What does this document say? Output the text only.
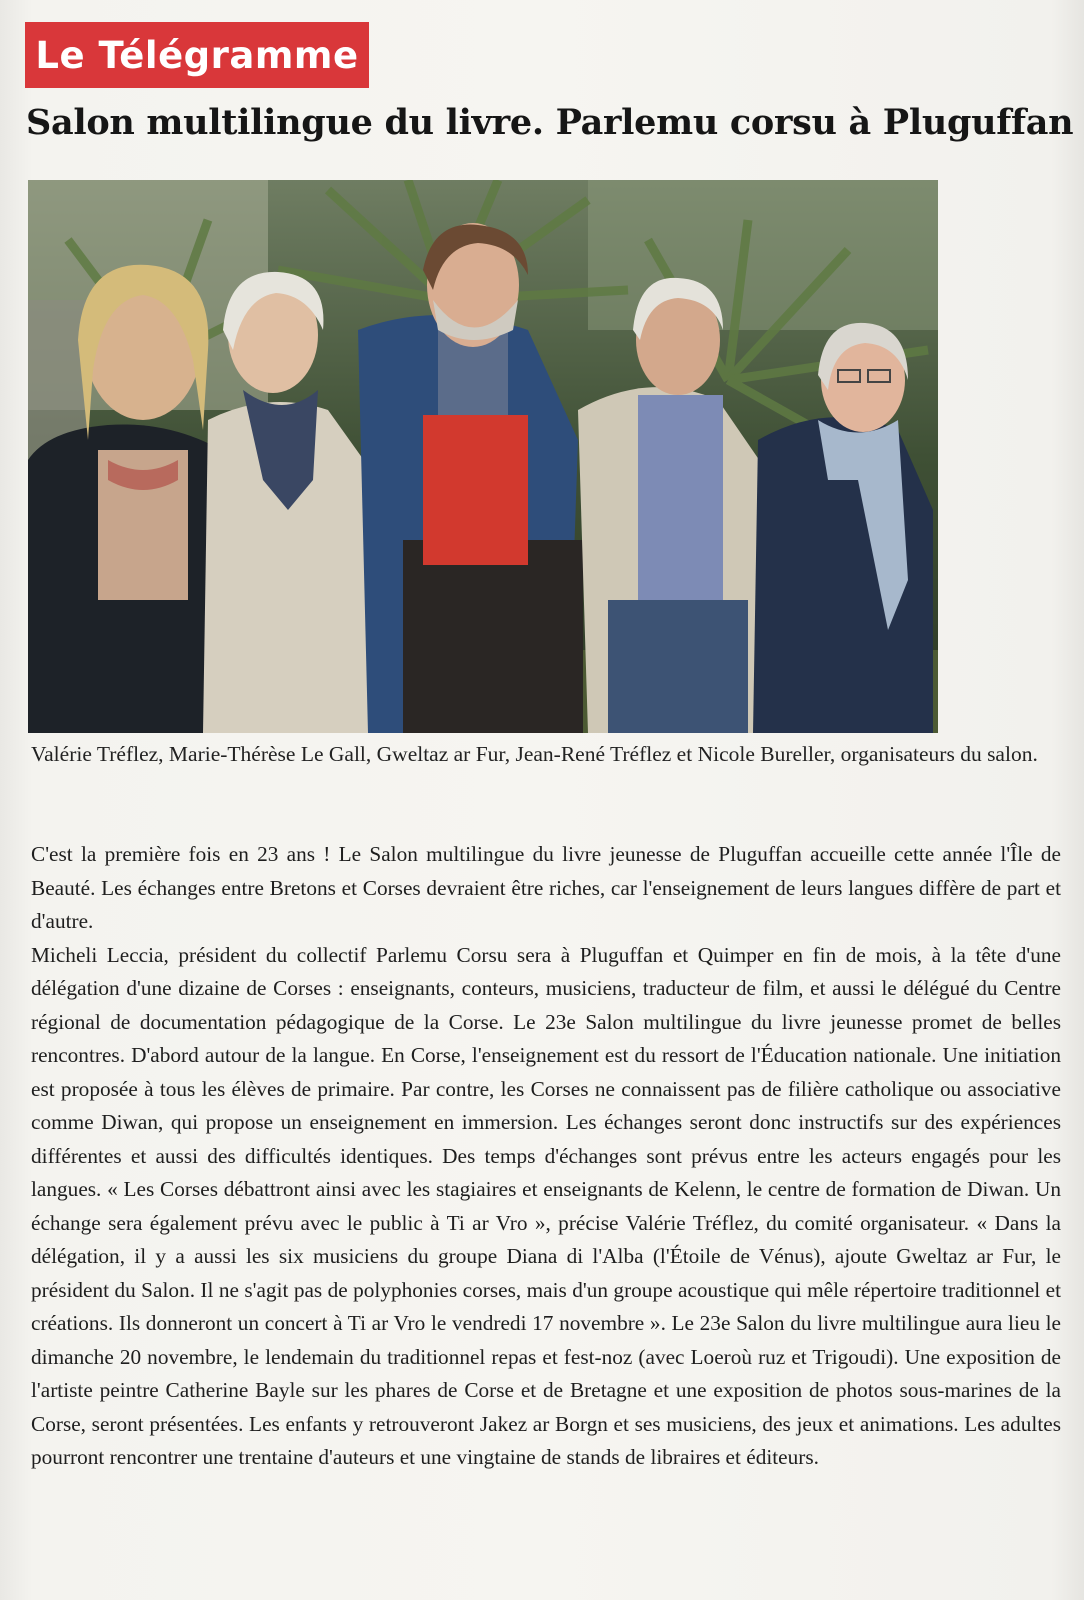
Le Télégramme
Salon multilingue du livre. Parlemu corsu à Pluguffan
Valérie Tréflez, Marie-Thérèse Le Gall, Gweltaz ar Fur, Jean-René Tréflez et Nicole Bureller, organisateurs du salon.

C'est la première fois en 23 ans ! Le Salon multilingue du livre jeunesse de Pluguffan accueille cette année l'Île de Beauté. Les échanges entre Bretons et Corses devraient être riches, car l'enseignement de leurs langues diffère de part et d'autre.

Micheli Leccia, président du collectif Parlemu Corsu sera à Pluguffan et Quimper en fin de mois, à la tête d'une délégation d'une dizaine de Corses : enseignants, conteurs, musiciens, traducteur de film, et aussi le délégué du Centre régional de documentation pédagogique de la Corse. Le 23e Salon multilingue du livre jeunesse promet de belles rencontres. D'abord autour de la langue. En Corse, l'enseignement est du ressort de l'Éducation nationale. Une initiation est proposée à tous les élèves de primaire. Par contre, les Corses ne connaissent pas de filière catholique ou associative comme Diwan, qui propose un enseignement en immersion. Les échanges seront donc instructifs sur des expériences différentes et aussi des difficultés identiques. Des temps d'échanges sont prévus entre les acteurs engagés pour les langues. « Les Corses débattront ainsi avec les stagiaires et enseignants de Kelenn, le centre de formation de Diwan. Un échange sera également prévu avec le public à Ti ar Vro », précise Valérie Tréflez, du comité organisateur. « Dans la délégation, il y a aussi les six musiciens du groupe Diana di l'Alba (l'Étoile de Vénus), ajoute Gweltaz ar Fur, le président du Salon. Il ne s'agit pas de polyphonies corses, mais d'un groupe acoustique qui mêle répertoire traditionnel et créations. Ils donneront un concert à Ti ar Vro le vendredi 17 novembre ». Le 23e Salon du livre multilingue aura lieu le dimanche 20 novembre, le lendemain du traditionnel repas et fest-noz (avec Loeroù ruz et Trigoudi). Une exposition de l'artiste peintre Catherine Bayle sur les phares de Corse et de Bretagne et une exposition de photos sous-marines de la Corse, seront présentées. Les enfants y retrouveront Jakez ar Borgn et ses musiciens, des jeux et animations. Les adultes pourront rencontrer une trentaine d'auteurs et une vingtaine de stands de libraires et éditeurs.
